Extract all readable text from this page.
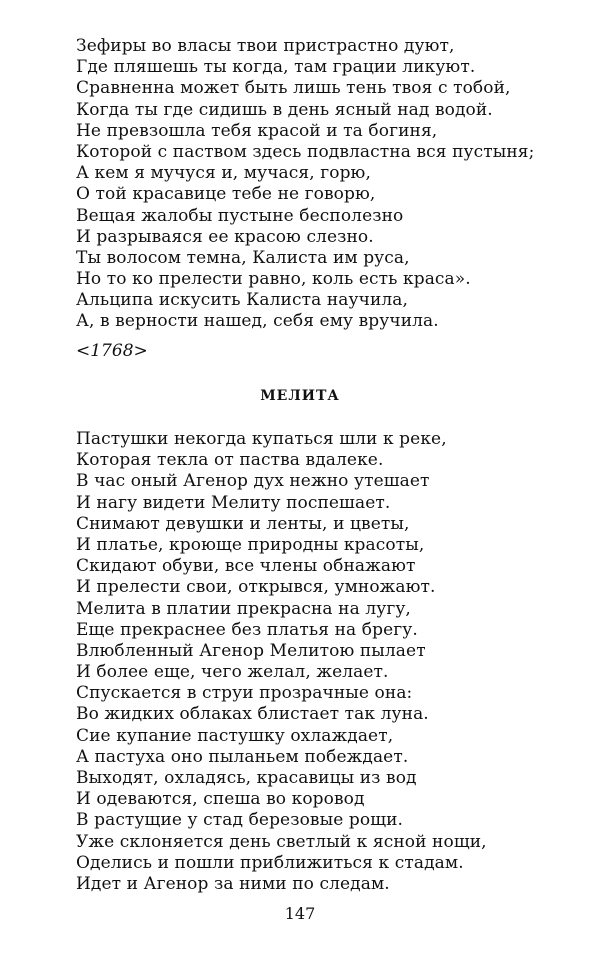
Зефиры во власы твои пристрастно дуют,
Где пляшешь ты когда, там грации ликуют.
Сравненна может быть лишь тень твоя с тобой,
Когда ты где сидишь в день ясный над водой.
Не превзошла тебя красой и та богиня,
Которой с паством здесь подвластна вся пустыня;
А кем я мучуся и, мучася, горю,
О той красавице тебе не говорю,
Вещая жалобы пустыне бесполезно
И разрываяся ее красою слезно.
Ты волосом темна, Калиста им руса,
Но то ко прелести равно, коль есть краса».
Альципа искусить Калиста научила,
А, в верности нашед, себя ему вручила.
<1768>
МЕЛИТА
Пастушки некогда купаться шли к реке,
Которая текла от паства вдалеке.
В час оный Агенор дух нежно утешает
И нагу видети Мелиту поспешает.
Снимают девушки и ленты, и цветы,
И платье, кроюще природны красоты,
Скидают обуви, все члены обнажают
И прелести свои, открывся, умножают.
Мелита в платии прекрасна на лугу,
Еще прекраснее без платья на брегу.
Влюбленный Агенор Мелитою пылает
И более еще, чего желал, желает.
Спускается в струи прозрачные она:
Во жидких облаках блистает так луна.
Сие купание пастушку охлаждает,
А пастуха оно пыланьем побеждает.
Выходят, охладясь, красавицы из вод
И одеваются, спеша во коровод
В растущие у стад березовые рощи.
Уже склоняется день светлый к ясной нощи,
Оделись и пошли приближиться к стадам.
Идет и Агенор за ними по следам.
147
